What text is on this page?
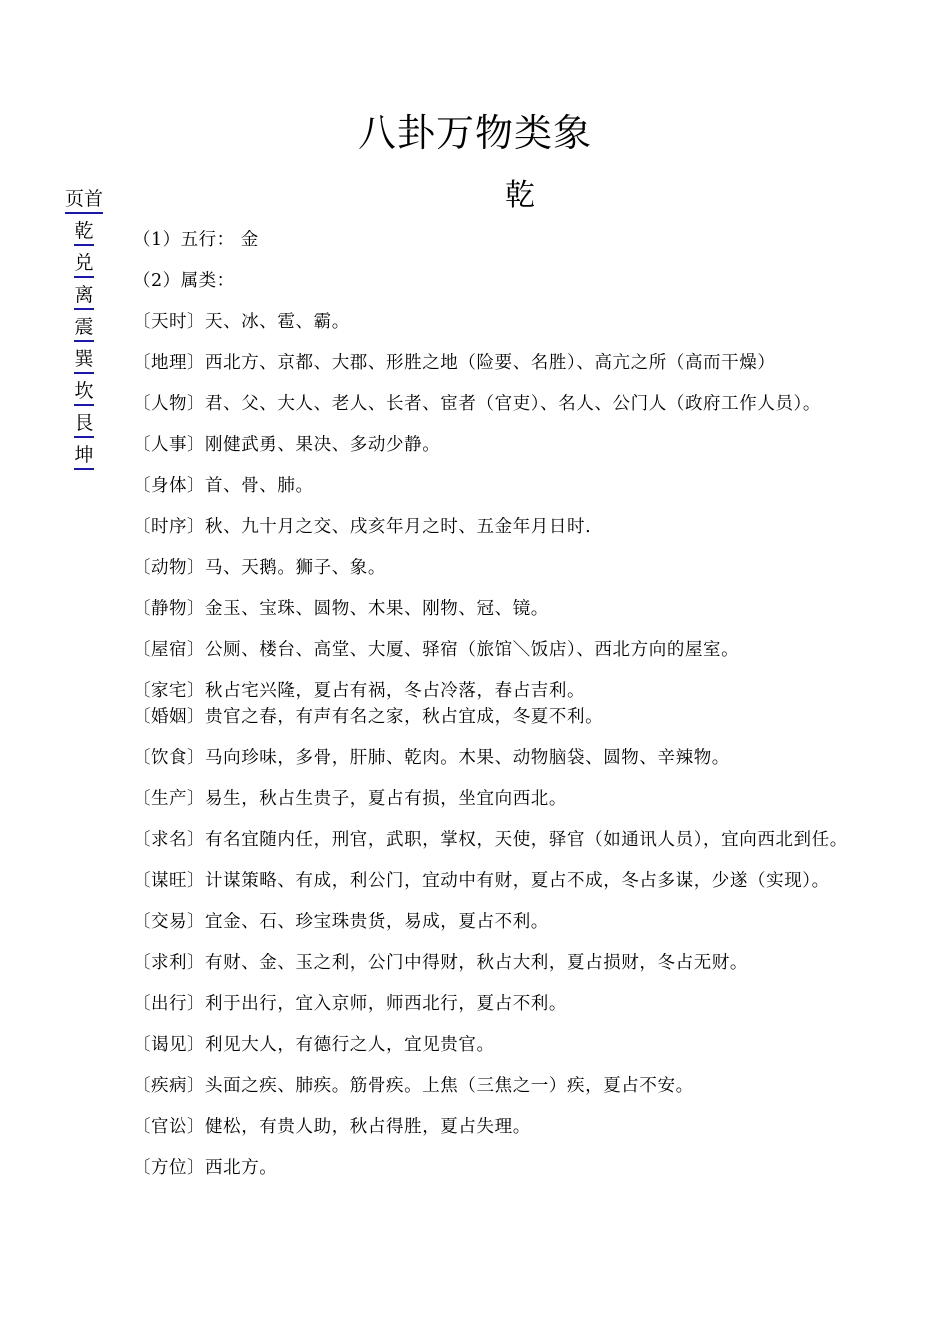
八卦万物类象
页首
乾
兑
离
震
巽
坎
艮
坤
乾
（1）五行： 金
（2）属类：
〔天时〕天、冰、雹、霸。
〔地理〕西北方、京都、大郡、形胜之地（险要、名胜）、高亢之所（高而干燥）
〔人物〕君、父、大人、老人、长者、宦者（官吏）、名人、公门人（政府工作人员）。
〔人事〕刚健武勇、果决、多动少静。
〔身体〕首、骨、肺。
〔时序〕秋、九十月之交、戌亥年月之时、五金年月日时.
〔动物〕马、天鹅。狮子、象。
〔静物〕金玉、宝珠、圆物、木果、刚物、冠、镜。
〔屋宿〕公厕、楼台、高堂、大厦、驿宿（旅馆＼饭店）、西北方向的屋室。
〔家宅〕秋占宅兴隆，夏占有祸，冬占冷落，春占吉利。
〔婚姻〕贵官之春，有声有名之家，秋占宜成，冬夏不利。
〔饮食〕马向珍味，多骨，肝肺、乾肉。木果、动物脑袋、圆物、辛辣物。
〔生产〕易生，秋占生贵子，夏占有损，坐宜向西北。
〔求名〕有名宜随内任，刑官，武职，掌权，天使，驿官（如通讯人员），宜向西北到任。
〔谋旺〕计谋策略、有成，利公门，宜动中有财，夏占不成，冬占多谋，少遂（实现）。
〔交易〕宜金、石、珍宝珠贵货，易成，夏占不利。
〔求利〕有财、金、玉之利，公门中得财，秋占大利，夏占损财，冬占无财。
〔出行〕利于出行，宜入京师，师西北行，夏占不利。
〔谒见〕利见大人，有德行之人，宜见贵官。
〔疾病〕头面之疾、肺疾。筋骨疾。上焦（三焦之一）疾，夏占不安。
〔官讼〕健松，有贵人助，秋占得胜，夏占失理。
〔方位〕西北方。
